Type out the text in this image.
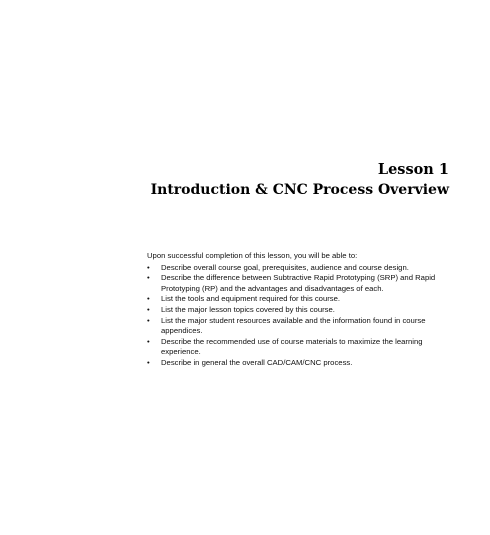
Lesson 1
Introduction & CNC Process Overview

Upon successful completion of this lesson, you will be able to:

• Describe overall course goal, prerequisites, audience and course design.
• Describe the difference between Subtractive Rapid Prototyping (SRP) and Rapid Prototyping (RP) and the advantages and disadvantages of each.
• List the tools and equipment required for this course.
• List the major lesson topics covered by this course.
• List the major student resources available and the information found in course appendices.
• Describe the recommended use of course materials to maximize the learning experience.
• Describe in general the overall CAD/CAM/CNC process.
